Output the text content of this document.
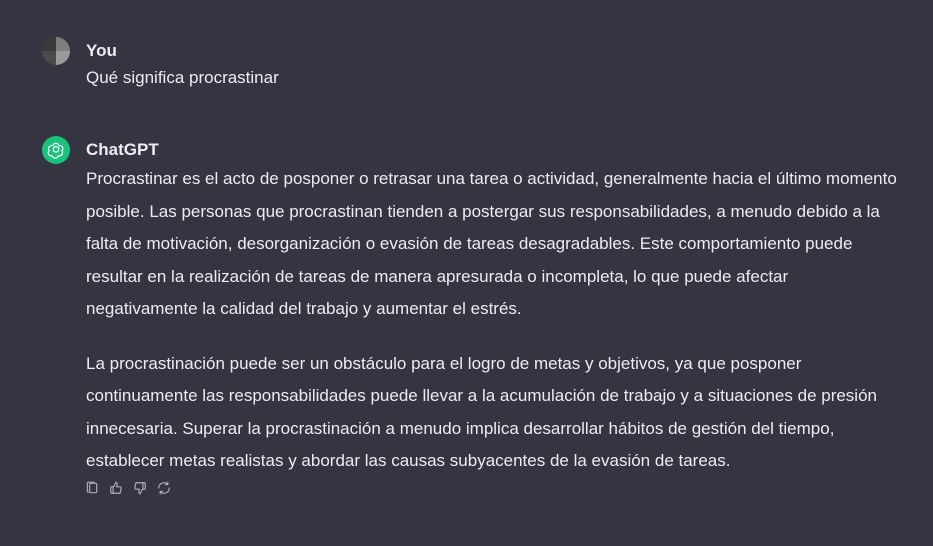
You
Qué significa procrastinar
ChatGPT

Procrastinar es el acto de posponer o retrasar una tarea o actividad, generalmente hacia el último momento posible. Las personas que procrastinan tienden a postergar sus responsabilidades, a menudo debido a la falta de motivación, desorganización o evasión de tareas desagradables. Este comportamiento puede resultar en la realización de tareas de manera apresurada o incompleta, lo que puede afectar negativamente la calidad del trabajo y aumentar el estrés.

La procrastinación puede ser un obstáculo para el logro de metas y objetivos, ya que posponer continuamente las responsabilidades puede llevar a la acumulación de trabajo y a situaciones de presión innecesaria. Superar la procrastinación a menudo implica desarrollar hábitos de gestión del tiempo, establecer metas realistas y abordar las causas subyacentes de la evasión de tareas.
